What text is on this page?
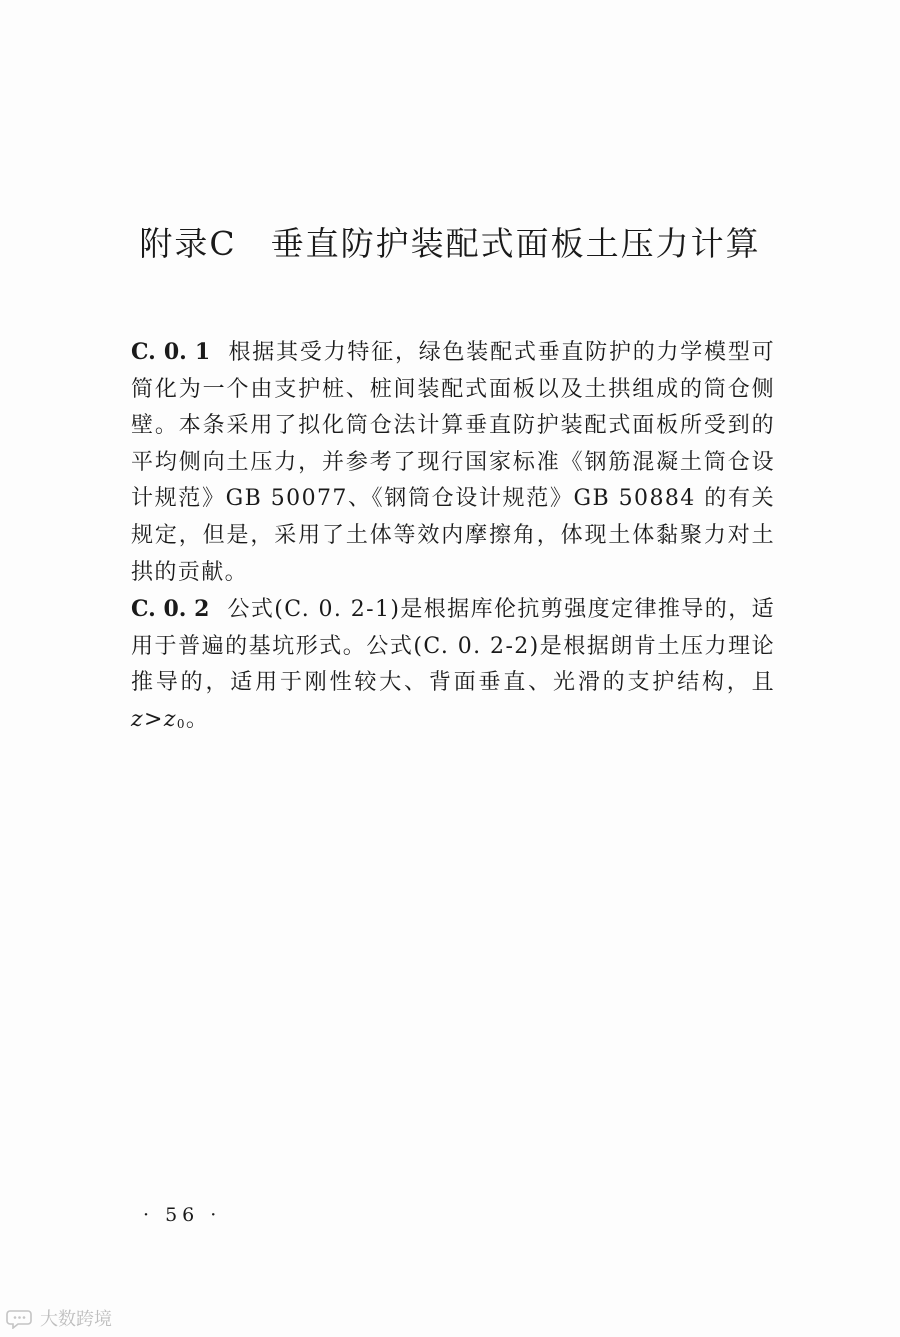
附录C 垂直防护装配式面板土压力计算

C. 0. 1 根据其受力特征，绿色装配式垂直防护的力学模型可简化为一个由支护桩、桩间装配式面板以及土拱组成的筒仓侧壁。本条采用了拟化筒仓法计算垂直防护装配式面板所受到的平均侧向土压力，并参考了现行国家标准《钢筋混凝土筒仓设计规范》GB 50077、《钢筒仓设计规范》GB 50884 的有关规定，但是，采用了土体等效内摩擦角，体现土体黏聚力对土拱的贡献。

C. 0. 2 公式(C. 0. 2-1)是根据库伦抗剪强度定律推导的，适用于普遍的基坑形式。公式(C. 0. 2-2)是根据朗肯土压力理论推导的，适用于刚性较大、背面垂直、光滑的支护结构，且 z>z0。

· 56 ·
大数跨境
